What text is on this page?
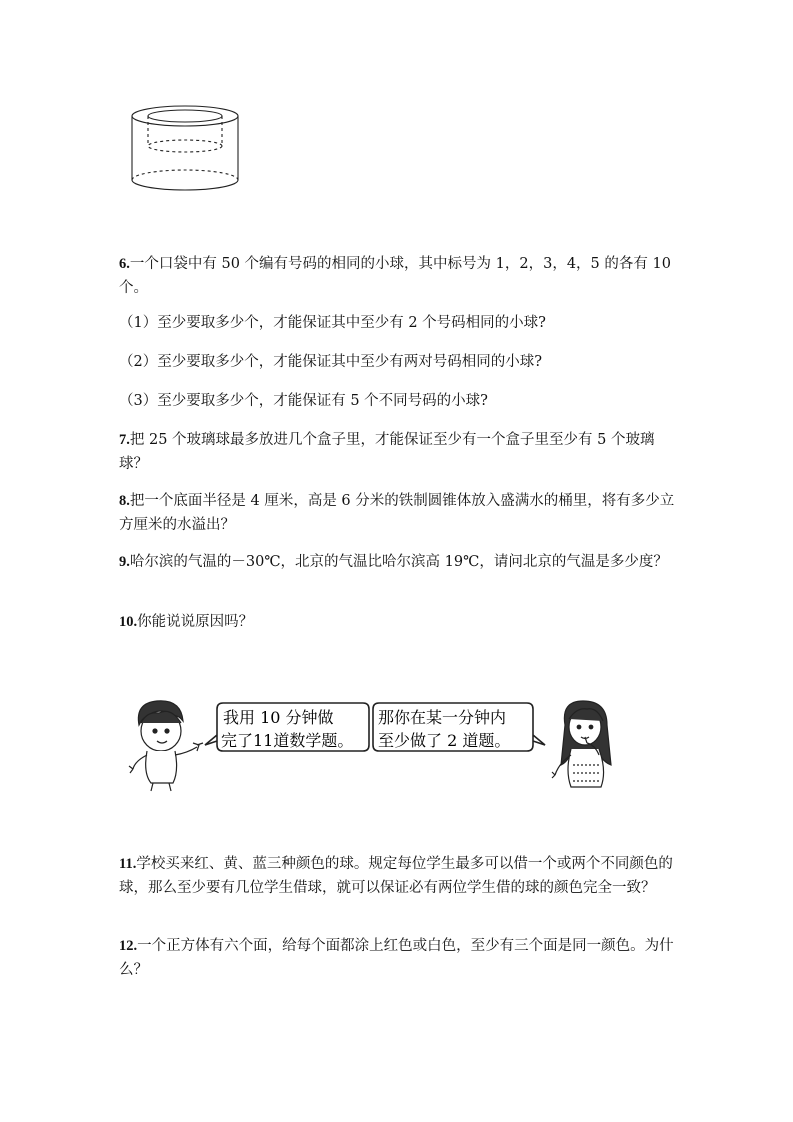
6.一个口袋中有 50 个编有号码的相同的小球，其中标号为 1，2，3，4，5 的各有 10 个。

（1）至少要取多少个，才能保证其中至少有 2 个号码相同的小球?

（2）至少要取多少个，才能保证其中至少有两对号码相同的小球?

（3）至少要取多少个，才能保证有 5 个不同号码的小球?

7.把 25 个玻璃球最多放进几个盒子里，才能保证至少有一个盒子里至少有 5 个玻璃球？

8.把一个底面半径是 4 厘米，高是 6 分米的铁制圆锥体放入盛满水的桶里，将有多少立方厘米的水溢出？

9.哈尔滨的气温的－30℃，北京的气温比哈尔滨高 19℃，请问北京的气温是多少度？

10.你能说说原因吗？

我用 10 分钟做
完了11道数学题。
那你在某一分钟内
至少做了 2 道题。

11.学校买来红、黄、蓝三种颜色的球。规定每位学生最多可以借一个或两个不同颜色的球，那么至少要有几位学生借球，就可以保证必有两位学生借的球的颜色完全一致？

12.一个正方体有六个面，给每个面都涂上红色或白色，至少有三个面是同一颜色。为什么？
